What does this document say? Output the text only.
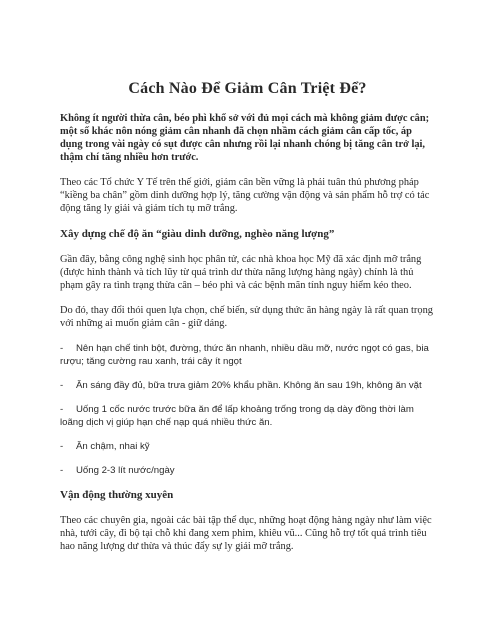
Cách Nào Để Giảm Cân Triệt Để?

Không ít người thừa cân, béo phì khổ sở với đủ mọi cách mà không giảm được cân; một số khác nôn nóng giảm cân nhanh đã chọn nhầm cách giảm cân cấp tốc, áp dụng trong vài ngày có sụt được cân nhưng rồi lại nhanh chóng bị tăng cân trở lại, thậm chí tăng nhiều hơn trước.

Theo các Tổ chức Y Tế trên thế giới, giảm cân bền vững là phải tuân thủ phương pháp “kiềng ba chân” gồm dinh dưỡng hợp lý, tăng cường vận động và sản phẩm hỗ trợ có tác động tăng ly giải và giảm tích tụ mỡ trắng.

Xây dựng chế độ ăn “giàu dinh dưỡng, nghèo năng lượng”

Gần đây, bằng công nghệ sinh học phân tử, các nhà khoa học Mỹ đã xác định mỡ trắng (được hình thành và tích lũy từ quá trình dư thừa năng lượng hàng ngày) chính là thủ phạm gây ra tình trạng thừa cân – béo phì và các bệnh mãn tính nguy hiểm kéo theo.

Do đó, thay đổi thói quen lựa chọn, chế biến, sử dụng thức ăn hàng ngày là rất quan trọng với những ai muốn giảm cân - giữ dáng.

- Nên hạn chế tinh bột, đường, thức ăn nhanh, nhiều dầu mỡ, nước ngọt có gas, bia rượu; tăng cường rau xanh, trái cây ít ngọt

- Ăn sáng đầy đủ, bữa trưa giảm 20% khẩu phần. Không ăn sau 19h, không ăn vặt

- Uống 1 cốc nước trước bữa ăn để lấp khoảng trống trong dạ dày đồng thời làm loãng dịch vị giúp hạn chế nạp quá nhiều thức ăn.

- Ăn chậm, nhai kỹ

- Uống 2-3 lít nước/ngày

Vận động thường xuyên

Theo các chuyên gia, ngoài các bài tập thể dục, những hoạt động hàng ngày như làm việc nhà, tưới cây, đi bộ tại chỗ khi đang xem phim, khiêu vũ... Cũng hỗ trợ tốt quá trình tiêu hao năng lượng dư thừa và thúc đẩy sự ly giải mỡ trắng.
